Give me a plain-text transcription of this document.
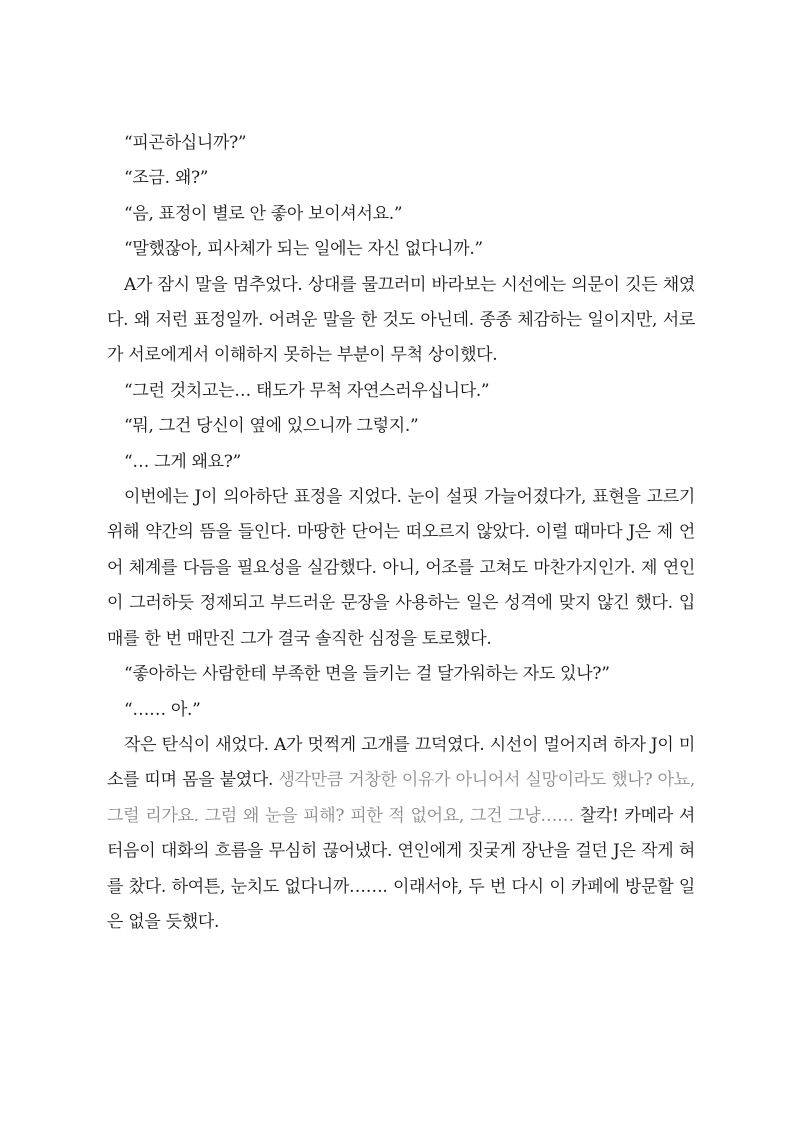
“피곤하십니까?”

“조금. 왜?”

“음, 표정이 별로 안 좋아 보이셔서요.”

“말했잖아, 피사체가 되는 일에는 자신 없다니까.”

A가 잠시 말을 멈추었다. 상대를 물끄러미 바라보는 시선에는 의문이 깃든 채였다. 왜 저런 표정일까. 어려운 말을 한 것도 아닌데. 종종 체감하는 일이지만, 서로가 서로에게서 이해하지 못하는 부분이 무척 상이했다.

“그런 것치고는… 태도가 무척 자연스러우십니다.”

“뭐, 그건 당신이 옆에 있으니까 그렇지.”

“… 그게 왜요?”

이번에는 J이 의아하단 표정을 지었다. 눈이 설핏 가늘어졌다가, 표현을 고르기 위해 약간의 뜸을 들인다. 마땅한 단어는 떠오르지 않았다. 이럴 때마다 J은 제 언어 체계를 다듬을 필요성을 실감했다. 아니, 어조를 고쳐도 마찬가지인가. 제 연인이 그러하듯 정제되고 부드러운 문장을 사용하는 일은 성격에 맞지 않긴 했다. 입매를 한 번 매만진 그가 결국 솔직한 심정을 토로했다.

“좋아하는 사람한테 부족한 면을 들키는 걸 달가워하는 자도 있나?”

“…… 아.”

작은 탄식이 새었다. A가 멋쩍게 고개를 끄덕였다. 시선이 멀어지려 하자 J이 미소를 띠며 몸을 붙였다. 생각만큼 거창한 이유가 아니어서 실망이라도 했나? 아뇨, 그럴 리가요. 그럼 왜 눈을 피해? 피한 적 없어요, 그건 그냥…… 찰칵! 카메라 셔터음이 대화의 흐름을 무심히 끊어냈다. 연인에게 짓궂게 장난을 걸던 J은 작게 혀를 찼다. 하여튼, 눈치도 없다니까……. 이래서야, 두 번 다시 이 카페에 방문할 일은 없을 듯했다.
